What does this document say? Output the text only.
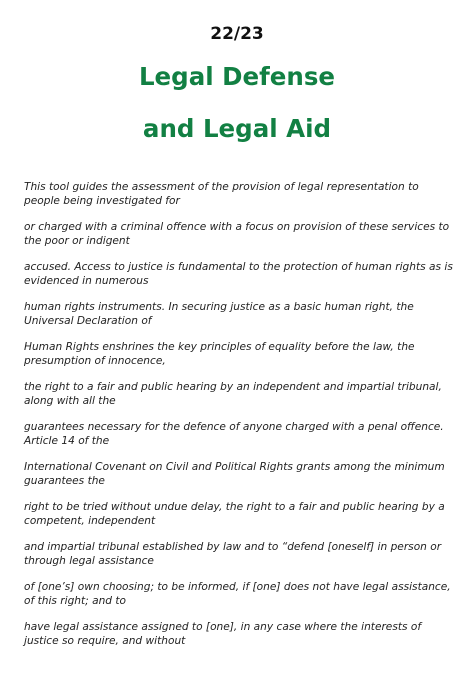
22/23
Legal Defense
and Legal Aid

This tool guides the assessment of the provision of legal representation to people being investigated for

or charged with a criminal offence with a focus on provision of these services to the poor or indigent

accused. Access to justice is fundamental to the protection of human rights as is evidenced in numerous

human rights instruments. In securing justice as a basic human right, the Universal Declaration of

Human Rights enshrines the key principles of equality before the law, the presumption of innocence,

the right to a fair and public hearing by an independent and impartial tribunal, along with all the

guarantees necessary for the defence of anyone charged with a penal offence. Article 14 of the

International Covenant on Civil and Political Rights grants among the minimum guarantees the

right to be tried without undue delay, the right to a fair and public hearing by a competent, independent

and impartial tribunal established by law and to “defend [oneself] in person or through legal assistance

of [one’s] own choosing; to be informed, if [one] does not have legal assistance, of this right; and to

have legal assistance assigned to [one], in any case where the interests of justice so require, and without
